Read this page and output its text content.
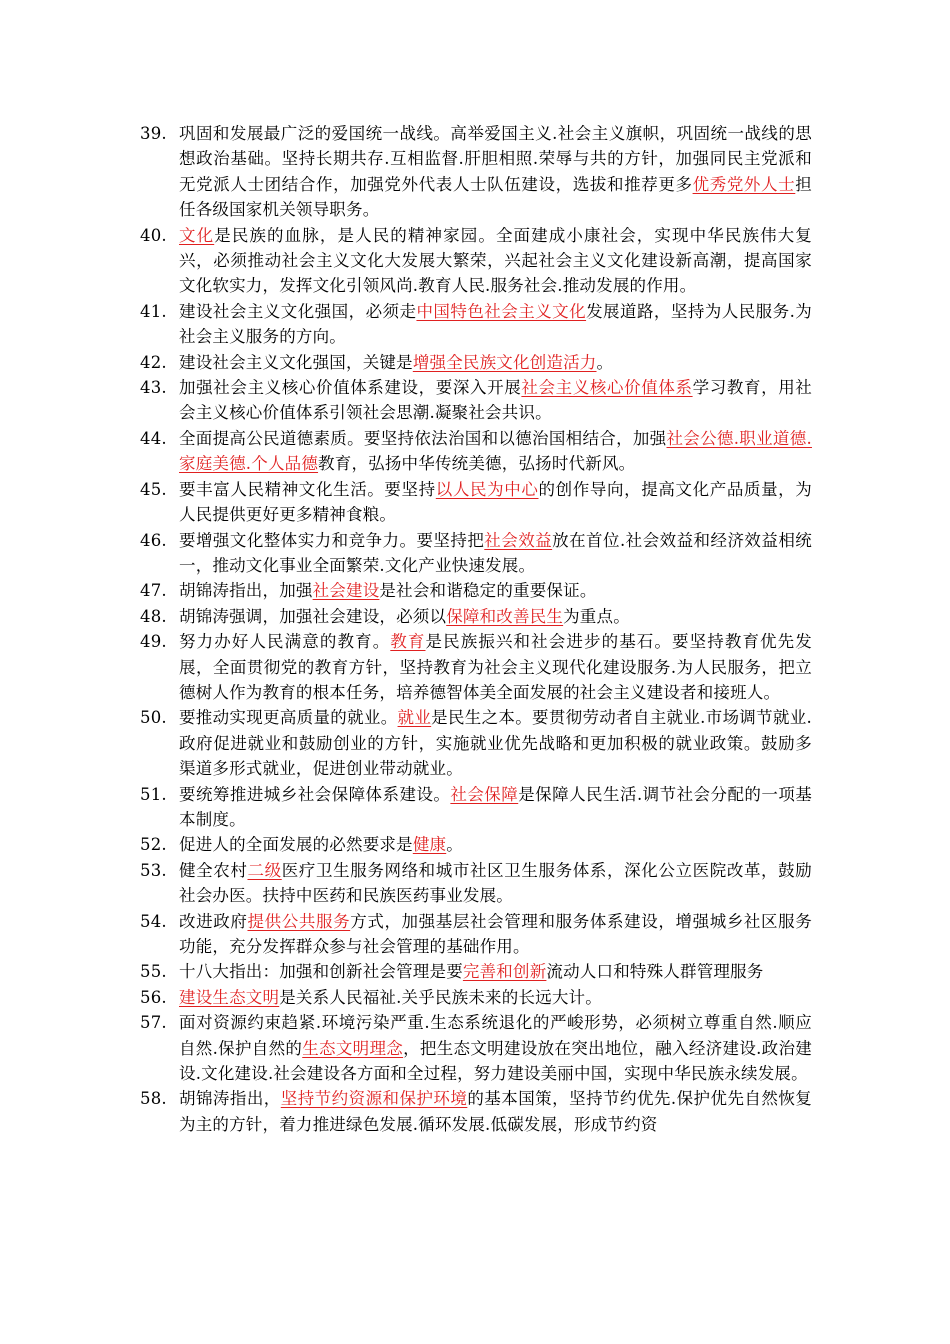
39. 巩固和发展最广泛的爱国统一战线。高举爱国主义.社会主义旗帜，巩固统一战线的思想政治基础。坚持长期共存.互相监督.肝胆相照.荣辱与共的方针，加强同民主党派和无党派人士团结合作，加强党外代表人士队伍建设，选拔和推荐更多优秀党外人士担任各级国家机关领导职务。
40. 文化是民族的血脉，是人民的精神家园。全面建成小康社会，实现中华民族伟大复兴，必须推动社会主义文化大发展大繁荣，兴起社会主义文化建设新高潮，提高国家文化软实力，发挥文化引领风尚.教育人民.服务社会.推动发展的作用。
41. 建设社会主义文化强国，必须走中国特色社会主义文化发展道路，坚持为人民服务.为社会主义服务的方向。
42. 建设社会主义文化强国，关键是增强全民族文化创造活力。
43. 加强社会主义核心价值体系建设，要深入开展社会主义核心价值体系学习教育，用社会主义核心价值体系引领社会思潮.凝聚社会共识。
44. 全面提高公民道德素质。要坚持依法治国和以德治国相结合，加强社会公德.职业道德.家庭美德.个人品德教育，弘扬中华传统美德，弘扬时代新风。
45. 要丰富人民精神文化生活。要坚持以人民为中心的创作导向，提高文化产品质量，为人民提供更好更多精神食粮。
46. 要增强文化整体实力和竞争力。要坚持把社会效益放在首位.社会效益和经济效益相统一，推动文化事业全面繁荣.文化产业快速发展。
47. 胡锦涛指出，加强社会建设是社会和谐稳定的重要保证。
48. 胡锦涛强调，加强社会建设，必须以保障和改善民生为重点。
49. 努力办好人民满意的教育。教育是民族振兴和社会进步的基石。要坚持教育优先发展，全面贯彻党的教育方针，坚持教育为社会主义现代化建设服务.为人民服务，把立德树人作为教育的根本任务，培养德智体美全面发展的社会主义建设者和接班人。
50. 要推动实现更高质量的就业。就业是民生之本。要贯彻劳动者自主就业.市场调节就业.政府促进就业和鼓励创业的方针，实施就业优先战略和更加积极的就业政策。鼓励多渠道多形式就业，促进创业带动就业。
51. 要统筹推进城乡社会保障体系建设。社会保障是保障人民生活.调节社会分配的一项基本制度。
52. 促进人的全面发展的必然要求是健康。
53. 健全农村二级医疗卫生服务网络和城市社区卫生服务体系，深化公立医院改革，鼓励社会办医。扶持中医药和民族医药事业发展。
54. 改进政府提供公共服务方式，加强基层社会管理和服务体系建设，增强城乡社区服务功能，充分发挥群众参与社会管理的基础作用。
55. 十八大指出：加强和创新社会管理是要完善和创新流动人口和特殊人群管理服务
56. 建设生态文明是关系人民福祉.关乎民族未来的长远大计。
57. 面对资源约束趋紧.环境污染严重.生态系统退化的严峻形势，必须树立尊重自然.顺应自然.保护自然的生态文明理念，把生态文明建设放在突出地位，融入经济建设.政治建设.文化建设.社会建设各方面和全过程，努力建设美丽中国，实现中华民族永续发展。
58. 胡锦涛指出，坚持节约资源和保护环境的基本国策，坚持节约优先.保护优先自然恢复为主的方针，着力推进绿色发展.循环发展.低碳发展，形成节约资
